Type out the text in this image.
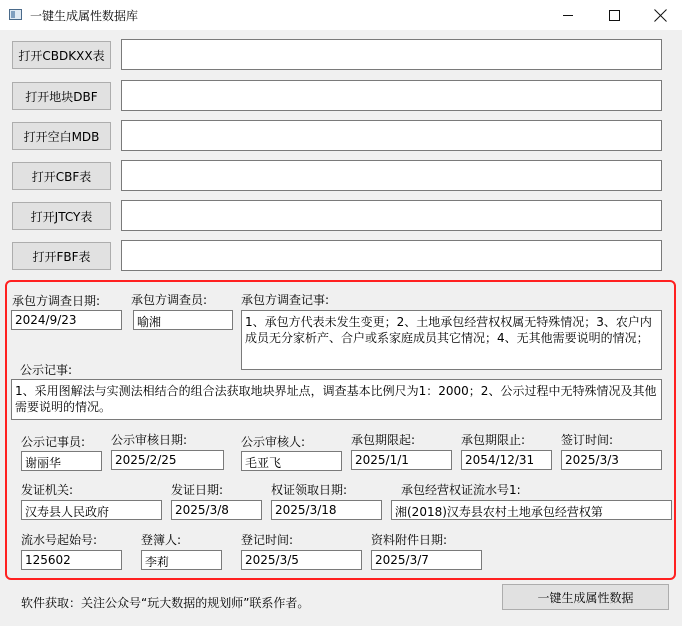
一键生成属性数据库
打开CBDKXX表
打开地块DBF
打开空白MDB
打开CBF表
打开JTCY表
打开FBF表
承包方调查日期:
2024/9/23
承包方调查员:
喻湘
承包方调查记事:
1、承包方代表未发生变更；2、土地承包经营权权属无特殊情况；3、农户内成员无分家析产、合户或系家庭成员其它情况；4、无其他需要说明的情况；
公示记事:
1、采用图解法与实测法相结合的组合法获取地块界址点，调查基本比例尺为1：2000；2、公示过程中无特殊情况及其他需要说明的情况。
公示记事员:
谢丽华
公示审核日期:
2025/2/25
公示审核人:
毛亚飞
承包期限起:
2025/1/1
承包期限止:
2054/12/31
签订时间:
2025/3/3
发证机关:
汉寿县人民政府
发证日期:
2025/3/8
权证领取日期:
2025/3/18
承包经营权证流水号1:
湘(2018)汉寿县农村土地承包经营权第
流水号起始号:
125602
登簿人:
李莉
登记时间:
2025/3/5
资料附件日期:
2025/3/7
软件获取：关注公众号“玩大数据的规划师”联系作者。	一键生成属性数据
